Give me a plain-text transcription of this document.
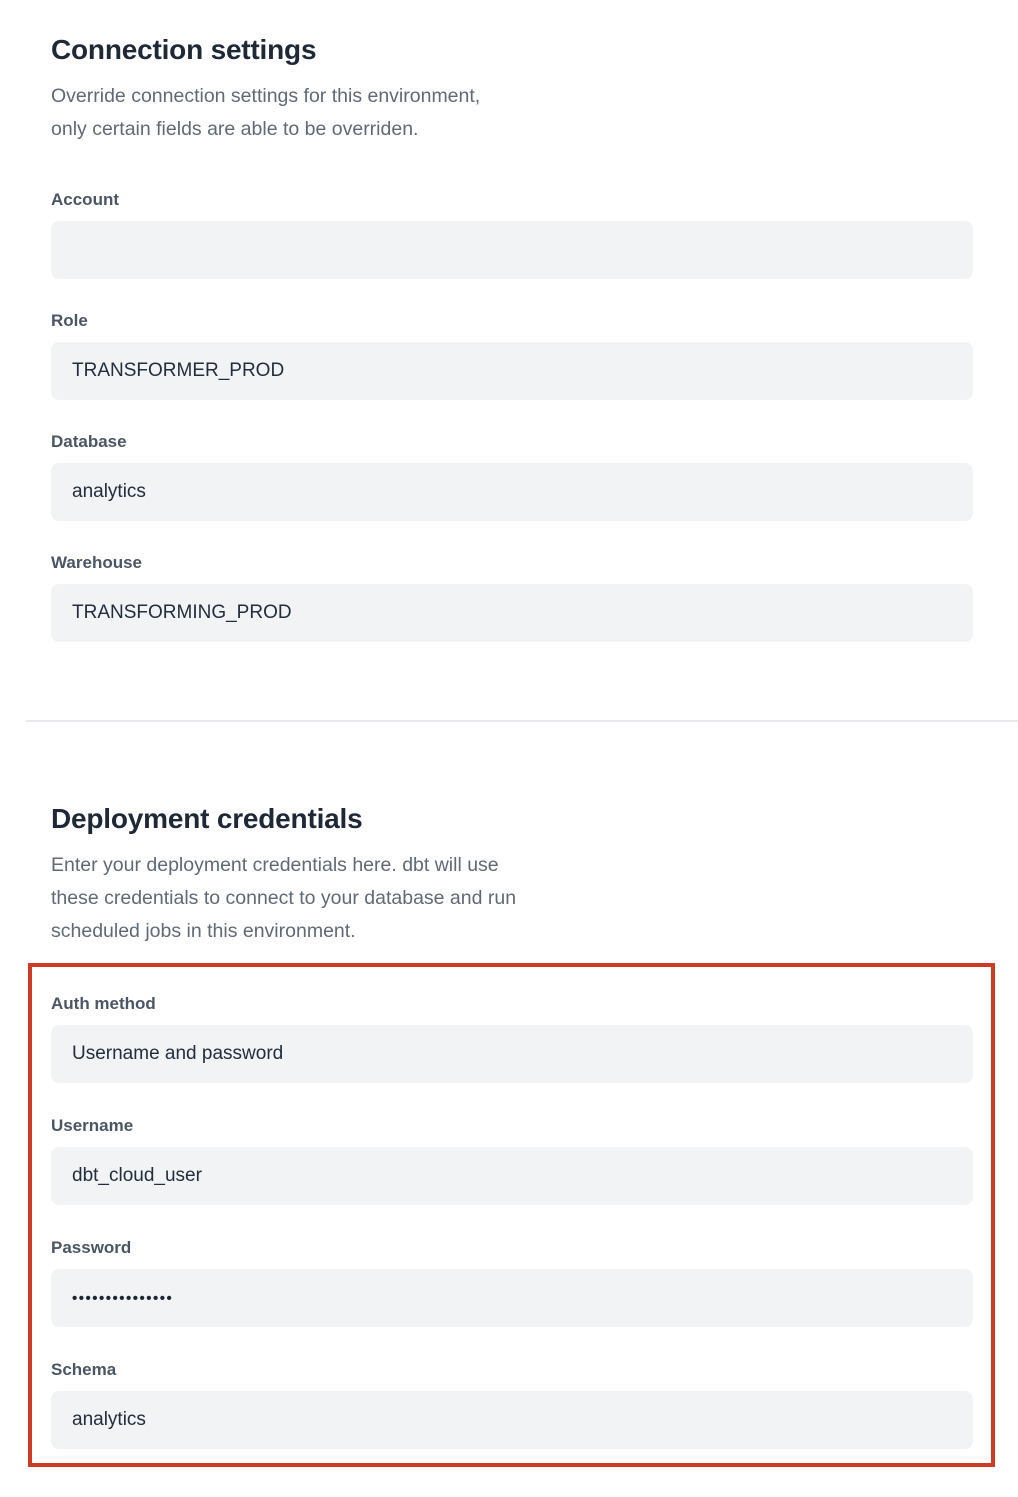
Connection settings
Override connection settings for this environment,
only certain fields are able to be overriden.
Account
Role
TRANSFORMER_PROD
Database
analytics
Warehouse
TRANSFORMING_PROD
Deployment credentials
Enter your deployment credentials here. dbt will use
these credentials to connect to your database and run
scheduled jobs in this environment.
Auth method
Username and password
Username
dbt_cloud_user
Password
•••••••••••••••
Schema
analytics
